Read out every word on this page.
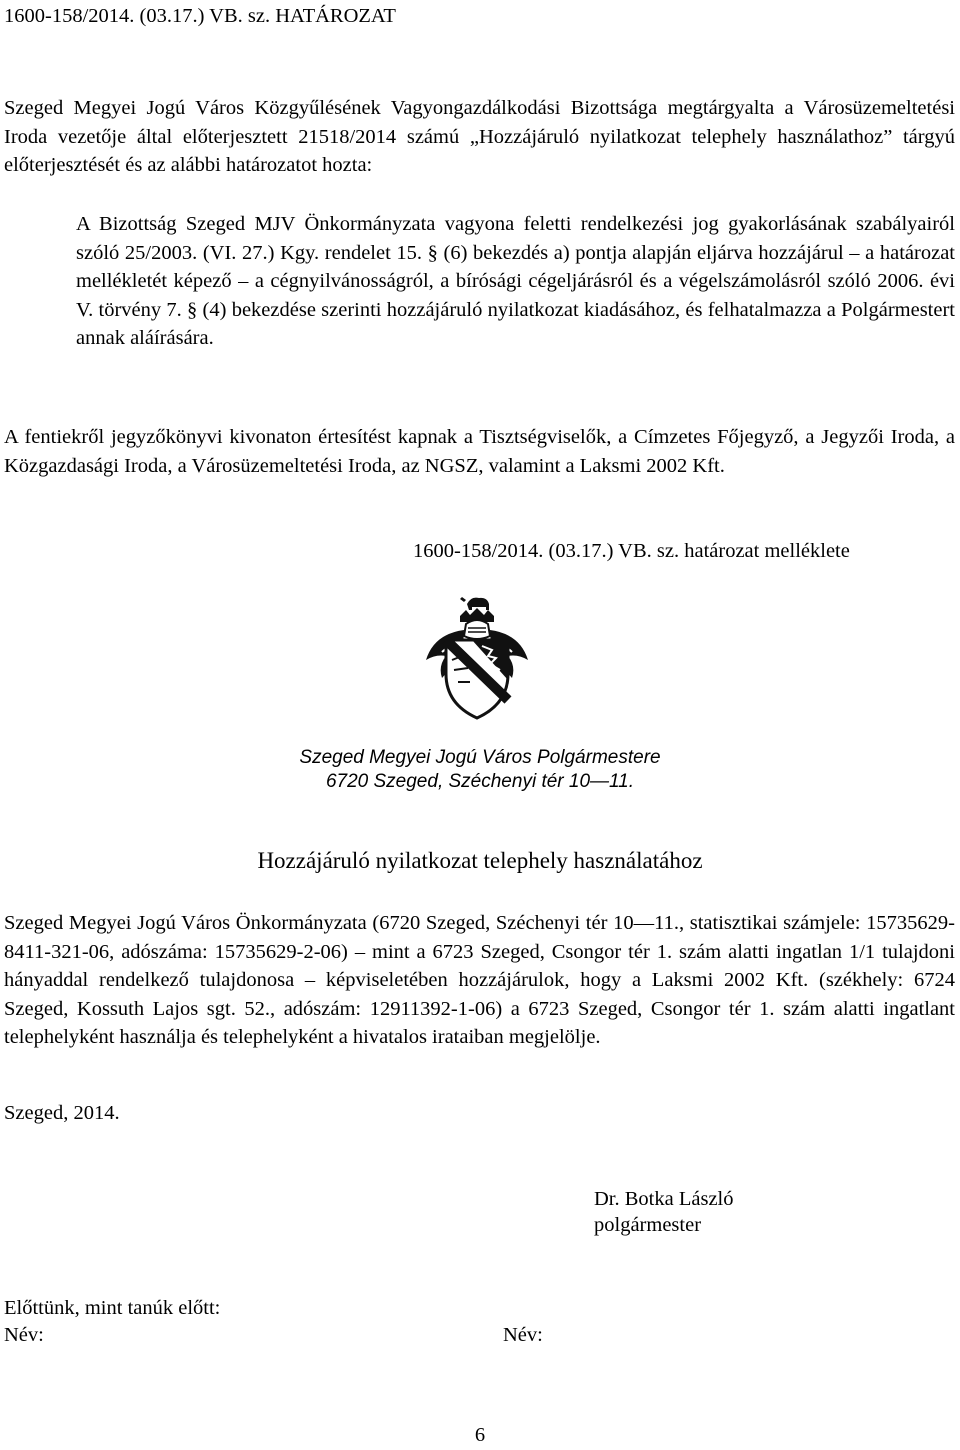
1600-158/2014. (03.17.) VB. sz. HATÁROZAT
Szeged Megyei Jogú Város Közgyűlésének Vagyongazdálkodási Bizottsága megtárgyalta a Városüzemeltetési Iroda vezetője által előterjesztett 21518/2014 számú „Hozzájáruló nyilatkozat telephely használathoz” tárgyú előterjesztését és az alábbi határozatot hozta:
A Bizottság Szeged MJV Önkormányzata vagyona feletti rendelkezési jog gyakorlásának szabályairól szóló 25/2003. (VI. 27.) Kgy. rendelet 15. § (6) bekezdés a) pontja alapján eljárva hozzájárul – a határozat mellékletét képező – a cégnyilvánosságról, a bírósági cégeljárásról és a végelszámolásról szóló 2006. évi V. törvény 7. § (4) bekezdése szerinti hozzájáruló nyilatkozat kiadásához, és felhatalmazza a Polgármestert annak aláírására.
A fentiekről jegyzőkönyvi kivonaton értesítést kapnak a Tisztségviselők, a Címzetes Főjegyző, a Jegyzői Iroda, a Közgazdasági Iroda, a Városüzemeltetési Iroda, az NGSZ, valamint a Laksmi 2002 Kft.
1600-158/2014. (03.17.) VB. sz. határozat melléklete
Szeged Megyei Jogú Város Polgármestere
6720 Szeged, Széchenyi tér 10—11.
Hozzájáruló nyilatkozat telephely használatához
Szeged Megyei Jogú Város Önkormányzata (6720 Szeged, Széchenyi tér 10—11., statisztikai számjele: 15735629-8411-321-06, adószáma: 15735629-2-06) – mint a 6723 Szeged, Csongor tér 1. szám alatti ingatlan 1/1 tulajdoni hányaddal rendelkező tulajdonosa – képviseletében hozzájárulok, hogy a Laksmi 2002 Kft. (székhely: 6724 Szeged, Kossuth Lajos sgt. 52., adószám: 12911392-1-06) a 6723 Szeged, Csongor tér 1. szám alatti ingatlant telephelyként használja és telephelyként a hivatalos irataiban megjelölje.
Szeged, 2014.
Dr. Botka László
polgármester
Előttünk, mint tanúk előtt:
Név:	Név:
6
